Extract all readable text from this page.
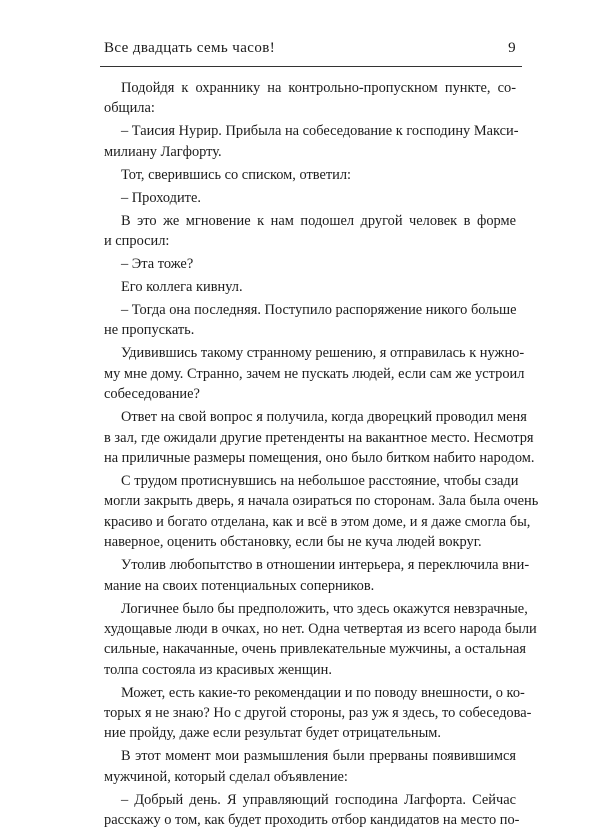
Все двадцать семь часов!	9

Подойдя к охраннику на контрольно-пропускном пункте, со-
общила:

– Таисия Нурир. Прибыла на собеседование к господину Макси-
милиану Лагфорту.

Тот, сверившись со списком, ответил:

– Проходите.

В это же мгновение к нам подошел другой человек в форме
и спросил:

– Эта тоже?

Его коллега кивнул.

– Тогда она последняя. Поступило распоряжение никого больше
не пропускать.

Удивившись такому странному решению, я отправилась к нужно-
му мне дому. Странно, зачем не пускать людей, если сам же устроил
собеседование?

Ответ на свой вопрос я получила, когда дворецкий проводил меня
в зал, где ожидали другие претенденты на вакантное место. Несмотря
на приличные размеры помещения, оно было битком набито народом.

С трудом протиснувшись на небольшое расстояние, чтобы сзади
могли закрыть дверь, я начала озираться по сторонам. Зала была очень
красиво и богато отделана, как и всё в этом доме, и я даже смогла бы,
наверное, оценить обстановку, если бы не куча людей вокруг.

Утолив любопытство в отношении интерьера, я переключила вни-
мание на своих потенциальных соперников.

Логичнее было бы предположить, что здесь окажутся невзрачные,
худощавые люди в очках, но нет. Одна четвертая из всего народа были
сильные, накачанные, очень привлекательные мужчины, а остальная
толпа состояла из красивых женщин.

Может, есть какие-то рекомендации и по поводу внешности, о ко-
торых я не знаю? Но с другой стороны, раз уж я здесь, то собеседова-
ние пройду, даже если результат будет отрицательным.

В этот момент мои размышления были прерваны появившимся
мужчиной, который сделал объявление:

– Добрый день. Я управляющий господина Лагфорта. Сейчас
расскажу о том, как будет проходить отбор кандидатов на место по-
